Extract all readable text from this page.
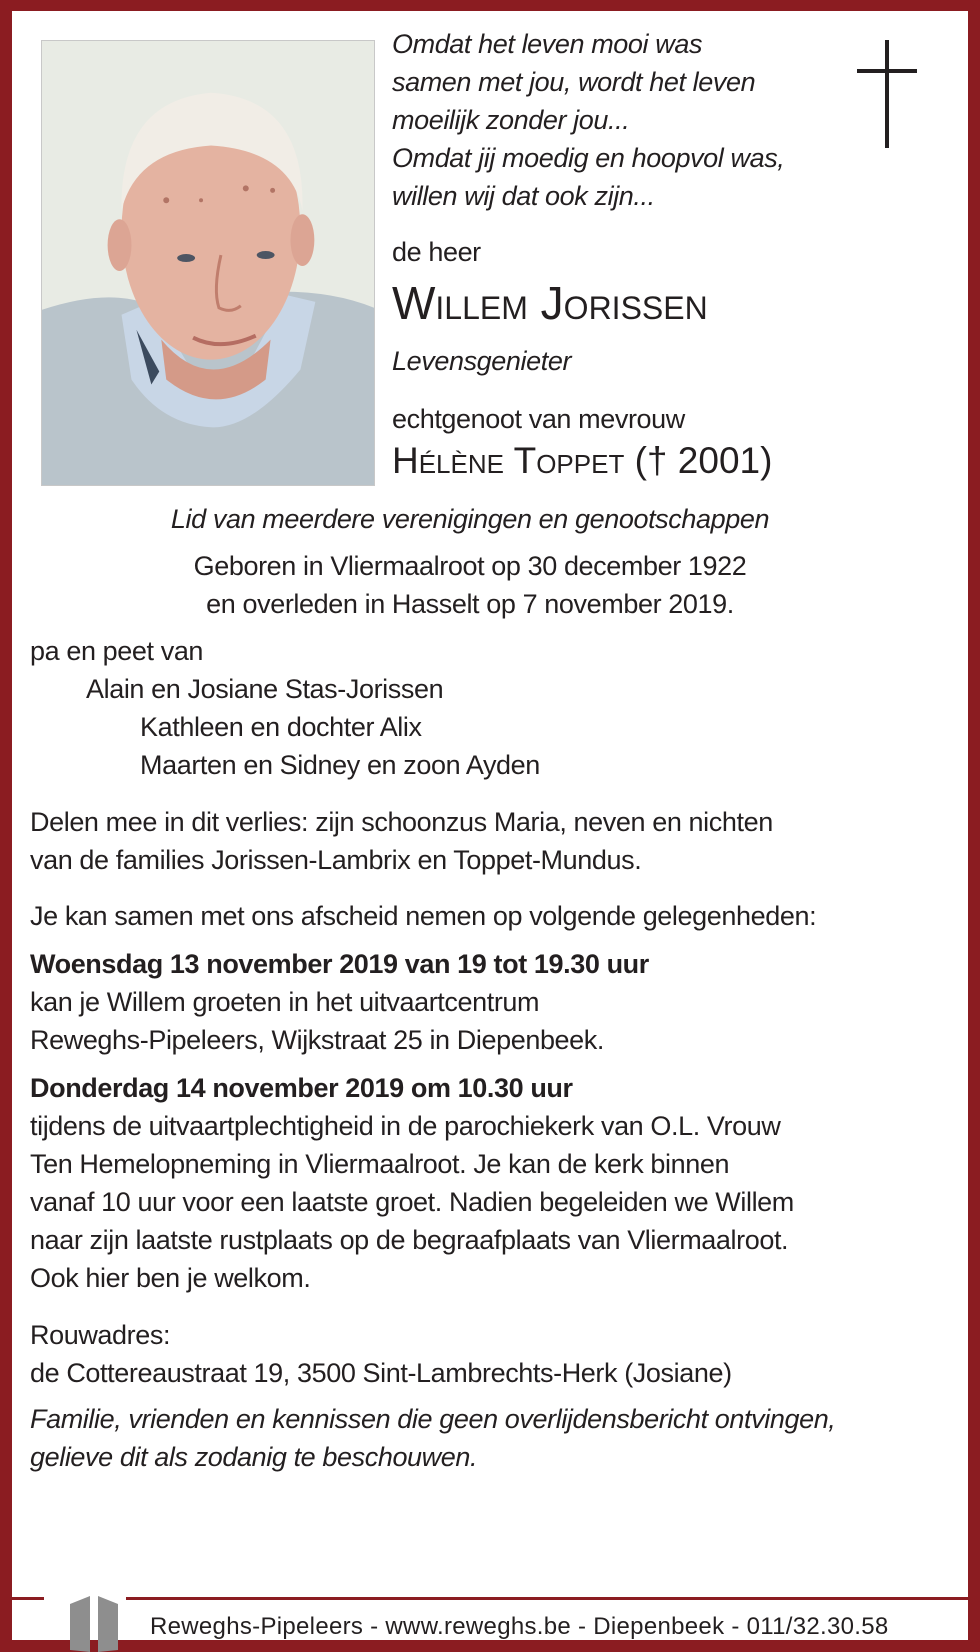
Omdat het leven mooi was
samen met jou, wordt het leven
moeilijk zonder jou...
Omdat jij moedig en hoopvol was,
willen wij dat ook zijn...
de heer
Willem Jorissen
Levensgenieter
echtgenoot van mevrouw
Hélène Toppet († 2001)
Lid van meerdere verenigingen en genootschappen
Geboren in Vliermaalroot op 30 december 1922
en overleden in Hasselt op 7 november 2019.
pa en peet van
Alain en Josiane Stas-Jorissen
Kathleen en dochter Alix
Maarten en Sidney en zoon Ayden
Delen mee in dit verlies: zijn schoonzus Maria, neven en nichten
van de families Jorissen-Lambrix en Toppet-Mundus.
Je kan samen met ons afscheid nemen op volgende gelegenheden:
Woensdag 13 november 2019 van 19 tot 19.30 uur
kan je Willem groeten in het uitvaartcentrum
Reweghs-Pipeleers, Wijkstraat 25 in Diepenbeek.
Donderdag 14 november 2019 om 10.30 uur
tijdens de uitvaartplechtigheid in de parochiekerk van O.L. Vrouw
Ten Hemelopneming in Vliermaalroot. Je kan de kerk binnen
vanaf 10 uur voor een laatste groet. Nadien begeleiden we Willem
naar zijn laatste rustplaats op de begraafplaats van Vliermaalroot.
Ook hier ben je welkom.
Rouwadres:
de Cottereaustraat 19, 3500 Sint-Lambrechts-Herk (Josiane)
Familie, vrienden en kennissen die geen overlijdensbericht ontvingen,
gelieve dit als zodanig te beschouwen.
Reweghs-Pipeleers - www.reweghs.be - Diepenbeek - 011/32.30.58
